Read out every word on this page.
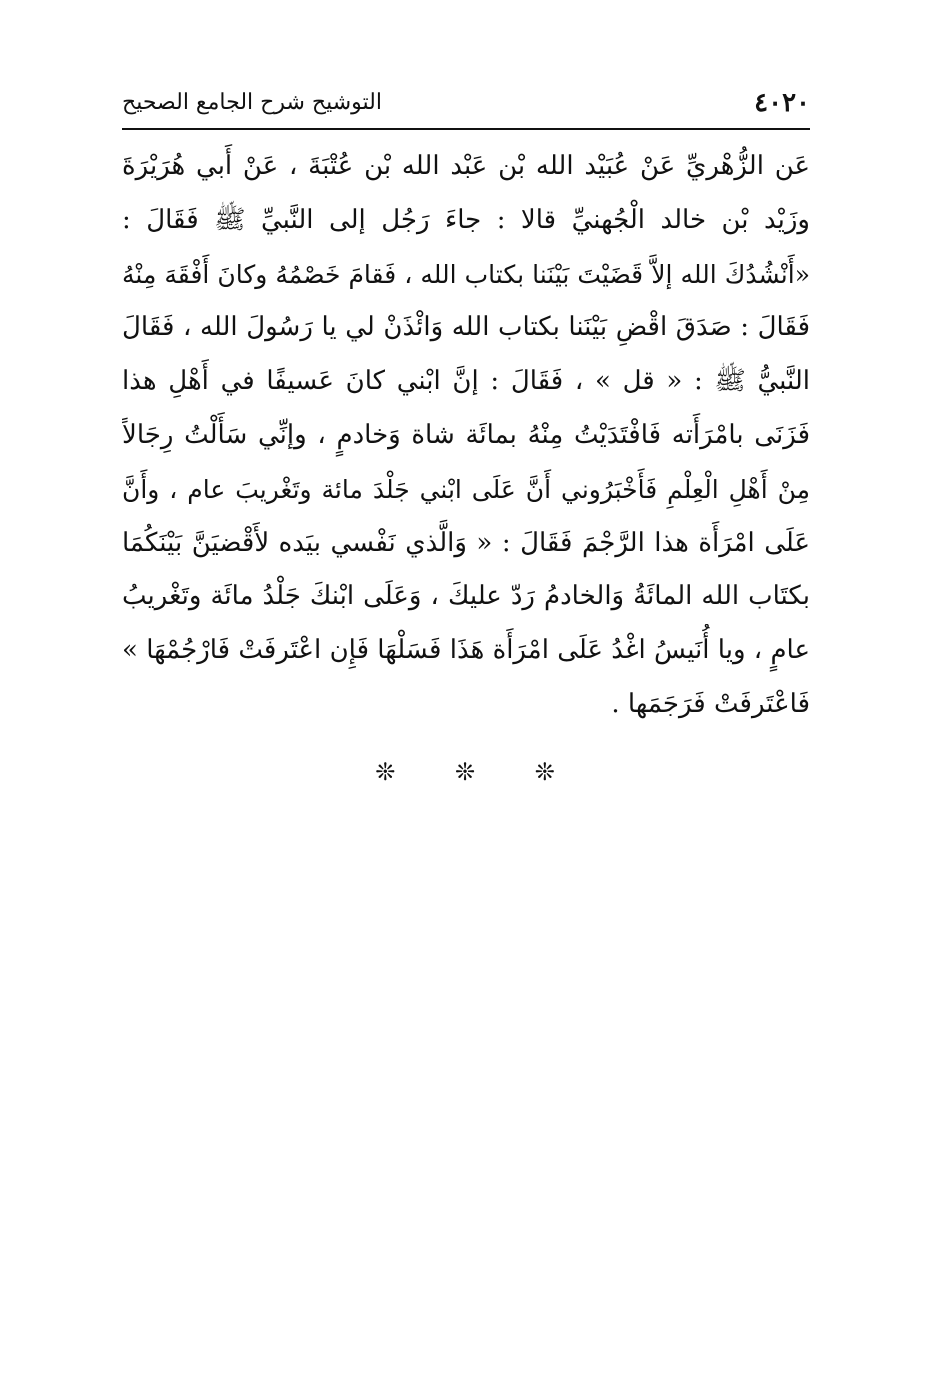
٤٠٢٠
التوشيح شرح الجامع الصحيح
عَن الزُّهْريِّ عَنْ عُبَيْد الله بْن عَبْد الله بْن عُتْبَةَ ، عَنْ أَبي هُرَيْرَةَ
وزَيْد بْن خالد الْجُهنيِّ قالا : جاءَ رَجُل إلى النَّبيِّ ﷺ فَقَالَ :
«أَنْشُدُكَ الله إلاَّ قَضَيْتَ بَيْنَنا بكتاب الله ، فَقامَ خَصْمُهُ وكانَ أَفْقَهَ مِنْهُ
فَقَالَ : صَدَقَ اقْضِ بَيْنَنا بكتاب الله وَائْذَنْ لي يا رَسُولَ الله ، فَقَالَ
النَّبيُّ ﷺ : « قل » ، فَقَالَ : إنَّ ابْني كانَ عَسيفًا في أَهْلِ هذا
فَزَنَى بامْرَأَته فَافْتَدَيْتُ مِنْهُ بمائَة شاة وَخادمٍ ، وإنِّي سَأَلْتُ رِجَالاً
مِنْ أَهْلِ الْعِلْمِ فَأَخْبَرُوني أَنَّ عَلَى ابْني جَلْدَ مائة وتَغْريبَ عام ، وأَنَّ
عَلَى امْرَأَة هذا الرَّجْمَ فَقَالَ : « وَالَّذي نَفْسي بيَده لأَقْضيَنَّ بَيْنَكُمَا
بكتَاب الله المائَةُ وَالخادمُ رَدّ عليكَ ، وَعَلَى ابْنكَ جَلْدُ مائَة وتَغْريبُ
عامٍ ، ويا أُنَيسُ اغْدُ عَلَى امْرَأَة هَذَا فَسَلْهَا فَإِن اعْتَرفَتْ فَارْجُمْهَا »
فَاعْتَرفَتْ فَرَجَمَها .
❊ ❊ ❊
